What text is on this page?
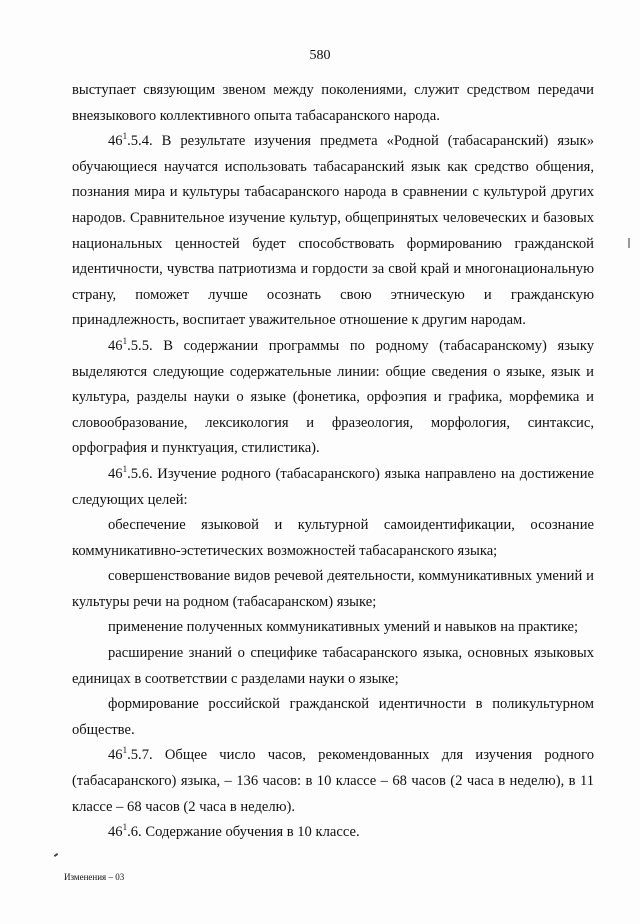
580

выступает связующим звеном между поколениями, служит средством передачи внеязыкового коллективного опыта табасаранского народа.

$46^1.5.4$. В результате изучения предмета «Родной (табасаранский) язык» обучающиеся научатся использовать табасаранский язык как средство общения, познания мира и культуры табасаранского народа в сравнении с культурой других народов. Сравнительное изучение культур, общепринятых человеческих и базовых национальных ценностей будет способствовать формированию гражданской идентичности, чувства патриотизма и гордости за свой край и многонациональную страну, поможет лучше осознать свою этническую и гражданскую принадлежность, воспитает уважительное отношение к другим народам.

$46^1.5.5$. В содержании программы по родному (табасаранскому) языку выделяются следующие содержательные линии: общие сведения о языке, язык и культура, разделы науки о языке (фонетика, орфоэпия и графика, морфемика и словообразование, лексикология и фразеология, морфология, синтаксис, орфография и пунктуация, стилистика).

$46^1.5.6$. Изучение родного (табасаранского) языка направлено на достижение следующих целей:

обеспечение языковой и культурной самоидентификации, осознание коммуникативно-эстетических возможностей табасаранского языка;

совершенствование видов речевой деятельности, коммуникативных умений и культуры речи на родном (табасаранском) языке;

применение полученных коммуникативных умений и навыков на практике;

расширение знаний о специфике табасаранского языка, основных языковых единицах в соответствии с разделами науки о языке;

формирование российской гражданской идентичности в поликультурном обществе.

$46^1.5.7$. Общее число часов, рекомендованных для изучения родного (табасаранского) языка, – 136 часов: в 10 классе – 68 часов (2 часа в неделю), в 11 классе – 68 часов (2 часа в неделю).

$46^1.6$. Содержание обучения в 10 классе.

Изменения – 03
